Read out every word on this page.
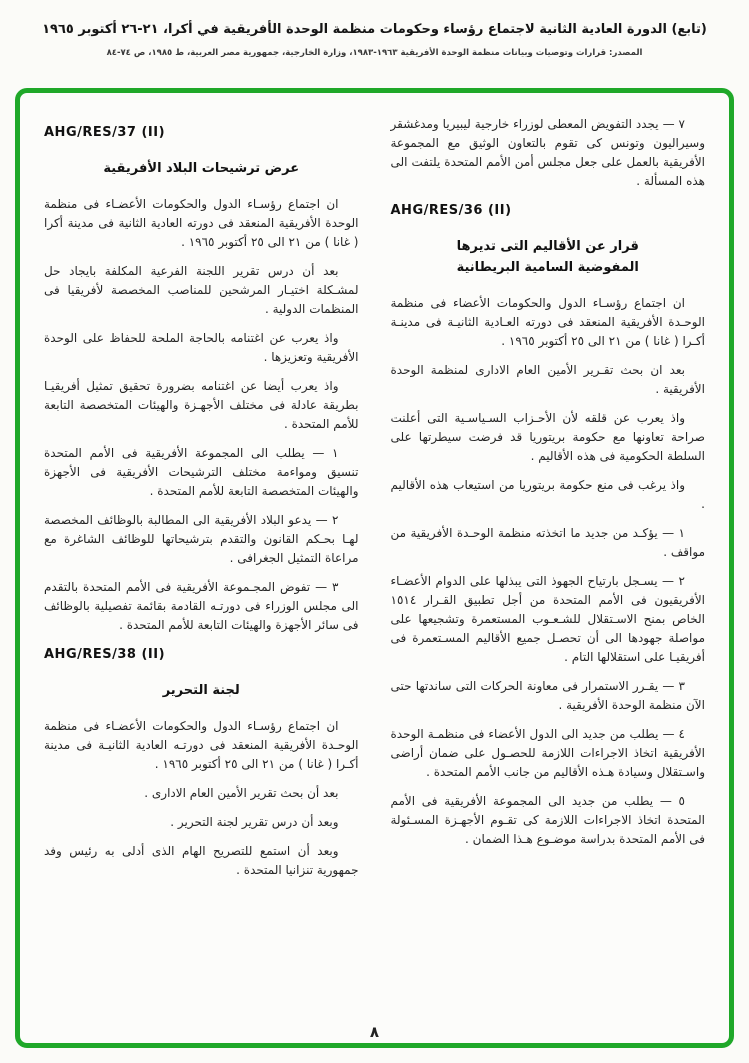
(تابع) الدورة العادية الثانية لاجتماع رؤساء وحكومات منظمة الوحدة الأفريقية في أكرا، ٢١-٢٦ أكتوبر ١٩٦٥
المصدر: قرارات وتوصيات وبيانات منظمة الوحدة الأفريقية ١٩٦٣-١٩٨٣، وزارة الخارجية، جمهورية مصر العربية، ط ١٩٨٥، ص ٧٤-٨٤
٧ — يجدد التفويض المعطى لوزراء خارجية ليبيريا ومدغشقر وسيراليون وتونس كى تقوم بالتعاون الوثيق مع المجموعة الأفريقية بالعمل على جعل مجلس أمن الأمم المتحدة يلتفت الى هذه المسألة .
AHG/RES/36 (II)
قرار عن الأقاليم التى تديرها
المفوضية السامية البريطانية
ان اجتماع رؤسـاء الدول والحكومات الأعضاء فى منظمة الوحـدة الأفريقية المنعقد فى دورته العـادية الثانيـة فى مدينـة أكـرا ( غانا ) من ٢١ الى ٢٥ أكتوبر ١٩٦٥ .
بعد ان بحث تقـرير الأمين العام الادارى لمنظمة الوحدة الأفريقية .
واذ يعرب عن قلقه لأن الأحـزاب السـياسـية التى أعلنت صراحة تعاونها مع حكومة بريتوريا قد فرضت سيطرتها على السلطة الحكومية فى هذه الأقاليم .
واذ يرغب فى منع حكومة بريتوريا من استيعاب هذه الأقاليم .
١ — يؤكـد من جديد ما اتخذته منظمة الوحـدة الأفريقية من مواقف .
٢ — يسـجل بارتياح الجهوذ التى يبذلها على الدوام الأعضـاء الأفريقيون فى الأمم المتحدة من أجل تطبيق القـرار ١٥١٤ الخاص بمنح الاسـتقلال للشـعـوب المستعمرة وتشجيعها على مواصلة جهودها الى أن تحصـل جميع الأقاليم المسـتعمرة فى أفريقيـا على استقلالها التام .
٣ — يقـرر الاستمرار فى معاونة الحركات التى ساندتها حتى الآن منظمة الوحدة الأفريقية .
٤ — يطلب من جديد الى الدول الأعضاء فى منظمـة الوحدة الأفريقية اتخاذ الاجراءات اللازمة للحصـول على ضمان أراضى واسـتقلال وسيادة هـذه الأقاليم من جانب الأمم المتحدة .
٥ — يطلب من جديد الى المجموعة الأفريقية فى الأمم المتحدة اتخاذ الاجراءات اللازمة كى تقـوم الأجهـزة المسـئولة فى الأمم المتحدة بدراسة موضـوع هـذا الضمان .
AHG/RES/37 (II)
عرض ترشيحات البلاد الأفريقية
ان اجتماع رؤسـاء الدول والحكومات الأعضـاء فى منظمة الوحدة الأفريقية المنعقد فى دورته العادية الثانية فى مدينة أكرا ( غانا ) من ٢١ الى ٢٥ أكتوبر ١٩٦٥ .
بعد أن درس تقرير اللجنة الفرعية المكلفة بايجاد حل لمشـكلة اختيـار المرشحين للمناصب المخصصة لأفريقيا فى المنظمات الدولية .
واذ يعرب عن اغتنامه بالحاجة الملحة للحفاظ على الوحدة الأفريقية وتعزيزها .
واذ يعرب أيضا عن اغتنامه بضرورة تحقيق تمثيل أفريقيـا بطريقة عادلة فى مختلف الأجهـزة والهيئات المتخصصة التابعة للأمم المتحدة .
١ — يطلب الى المجموعة الأفريقية فى الأمم المتحدة تنسيق ومواءمة مختلف الترشيحات الأفريقية فى الأجهزة والهيئات المتخصصة التابعة للأمم المتحدة .
٢ — يدعو البلاد الأفريقية الى المطالبة بالوظائف المخصصة لهـا بحـكم القانون والتقدم بترشيحاتها للوظائف الشاغرة مع مراعاة التمثيل الجغرافى .
٣ — تفوض المجـموعة الأفريقية فى الأمم المتحدة بالتقدم الى مجلس الوزراء فى دورتـه القادمة بقائمة تفصيلية بالوظائف فى سائر الأجهزة والهيئات التابعة للأمم المتحدة .
AHG/RES/38 (II)
لجنة التحرير
ان اجتماع رؤسـاء الدول والحكومات الأعضـاء فى منظمة الوحـدة الأفريقية المنعقد فى دورتـه العادية الثانيـة فى مدينة أكـرا ( غانا ) من ٢١ الى ٢٥ أكتوبر ١٩٦٥ .
بعد أن بحث تقرير الأمين العام الادارى .
وبعد أن درس تقرير لجنة التحرير .
وبعد أن استمع للتصريح الهام الذى أدلى به رئيس وفد جمهورية تنزانيا المتحدة .
٨
